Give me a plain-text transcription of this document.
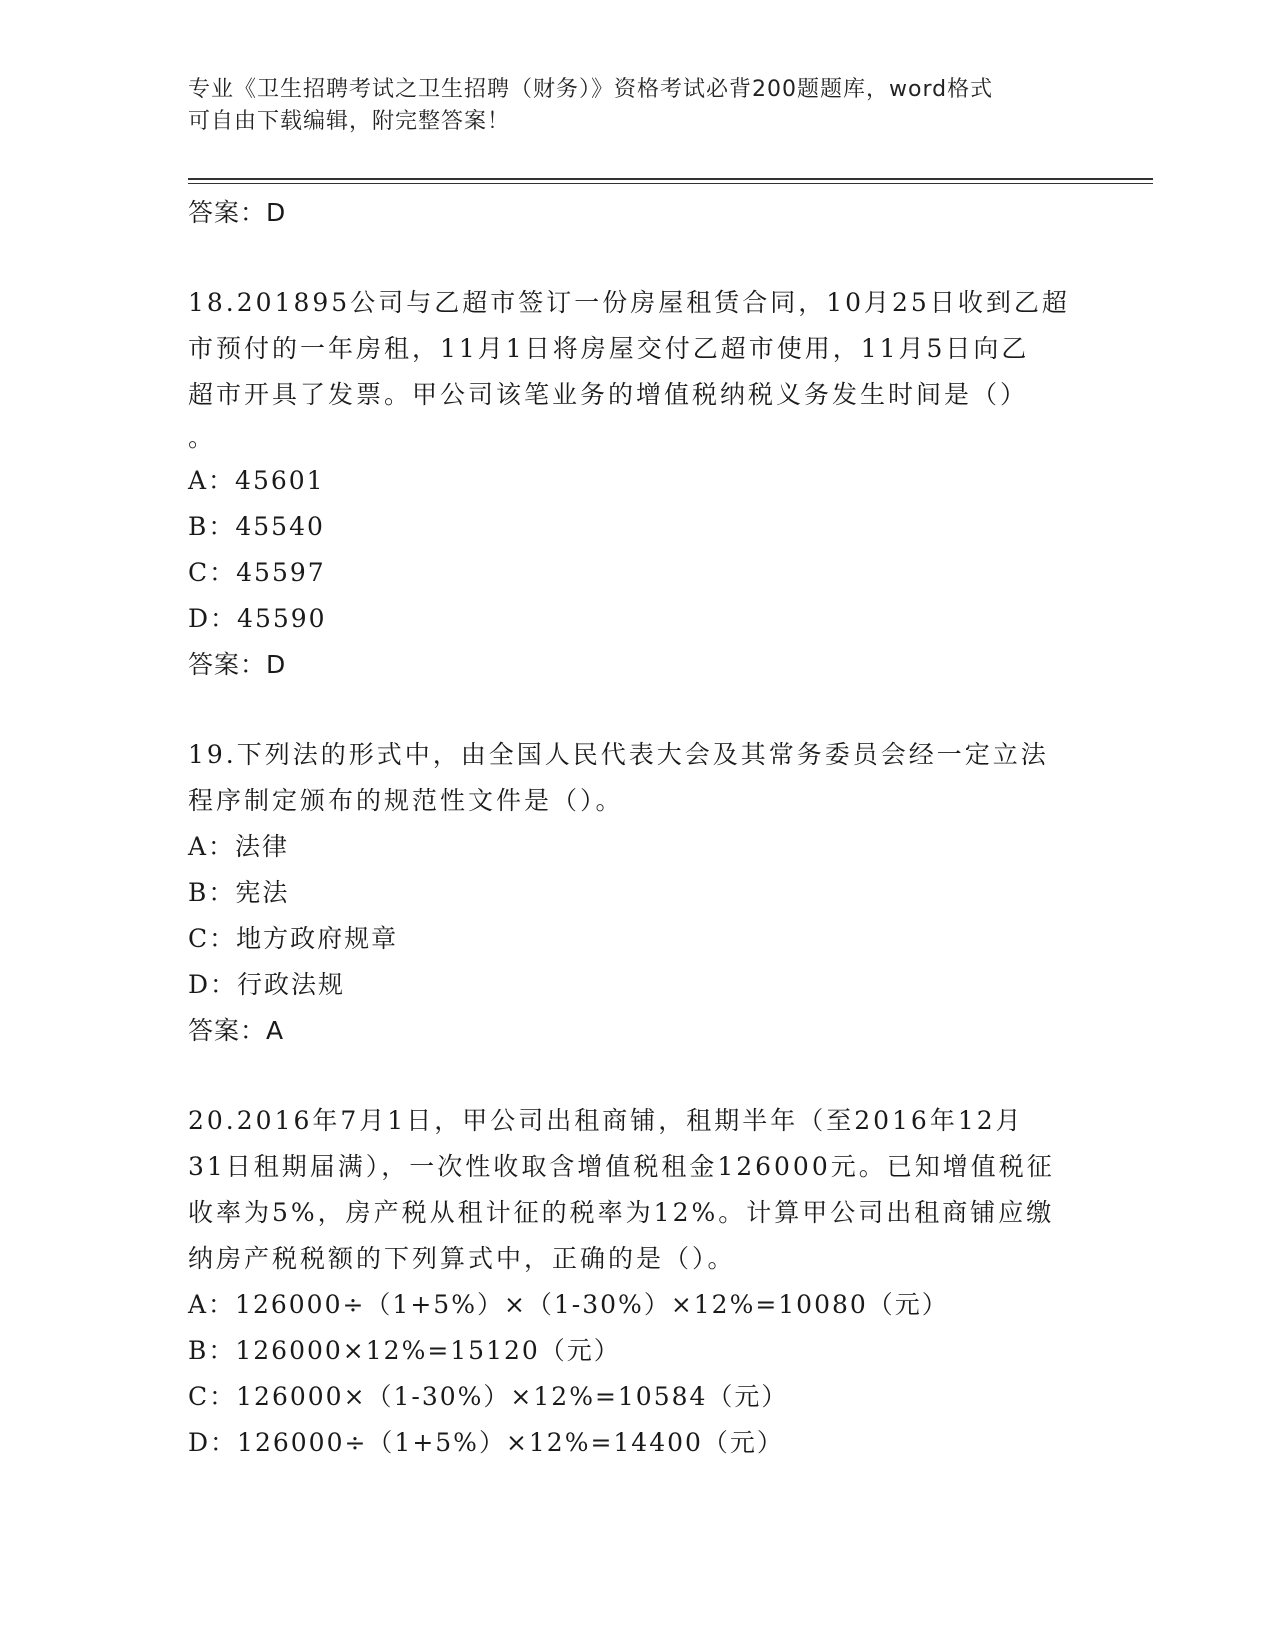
专业《卫生招聘考试之卫生招聘（财务）》资格考试必背200题题库，word格式
可自由下载编辑，附完整答案！
答案：D
18.201895公司与乙超市签订一份房屋租赁合同，10月25日收到乙超
市预付的一年房租，11月1日将房屋交付乙超市使用，11月5日向乙
超市开具了发票。甲公司该笔业务的增值税纳税义务发生时间是（）
。
A：45601
B：45540
C：45597
D：45590
答案：D
19.下列法的形式中，由全国人民代表大会及其常务委员会经一定立法
程序制定颁布的规范性文件是（）。
A：法律
B：宪法
C：地方政府规章
D：行政法规
答案：A
20.2016年7月1日，甲公司出租商铺，租期半年（至2016年12月
31日租期届满），一次性收取含增值税租金126000元。已知增值税征
收率为5%，房产税从租计征的税率为12%。计算甲公司出租商铺应缴
纳房产税税额的下列算式中，正确的是（）。
A：126000÷（1+5%）×（1-30%）×12%=10080（元）
B：126000×12%=15120（元）
C：126000×（1-30%）×12%=10584（元）
D：126000÷（1+5%）×12%=14400（元）
